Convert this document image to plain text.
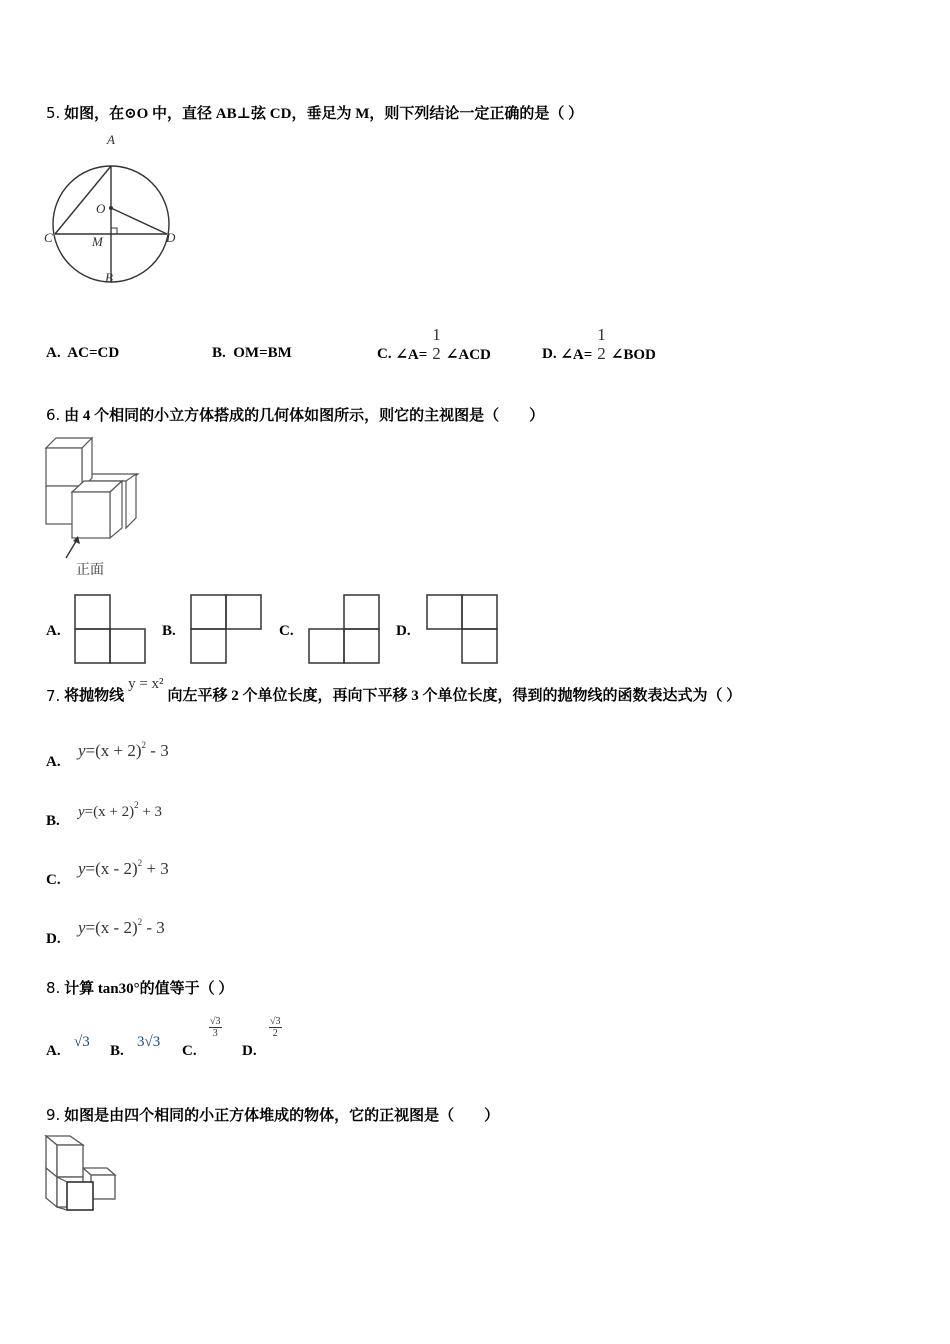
5. 如图，在⊙O 中，直径 AB⊥弦 CD，垂足为 M，则下列结论一定正确的是（ ）
A
O
C	M	D
B
A. AC=CD	B. OM=BM	C.
∠A=
1
2 ∠ACD	D.
∠A=
1
2 ∠BOD
6. 由 4 个相同的小立方体搭成的几何体如图所示，则它的主视图是（　　）
正面
A.	B.	C.	D.
7.
将抛物线
y = x²
向左平移 2 个单位长度，再向下平移 3 个单位长度，得到的抛物线的函数表达式为（ ）
A.
$y=(x + 2)^2 - 3$
B.
$y=(x + 2)^2 + 3$
C.
y=(x - 2)$^2$ + 3
D.
y=(x - 2)$^2$ - 3
8. 计算 tan30°的值等于（ ）
A.
√3
B.
3√3
C.
$\frac{√3}{3}$
D.
$\frac{√3}{2}$
9. 如图是由四个相同的小正方体堆成的物体，它的正视图是（　　）
